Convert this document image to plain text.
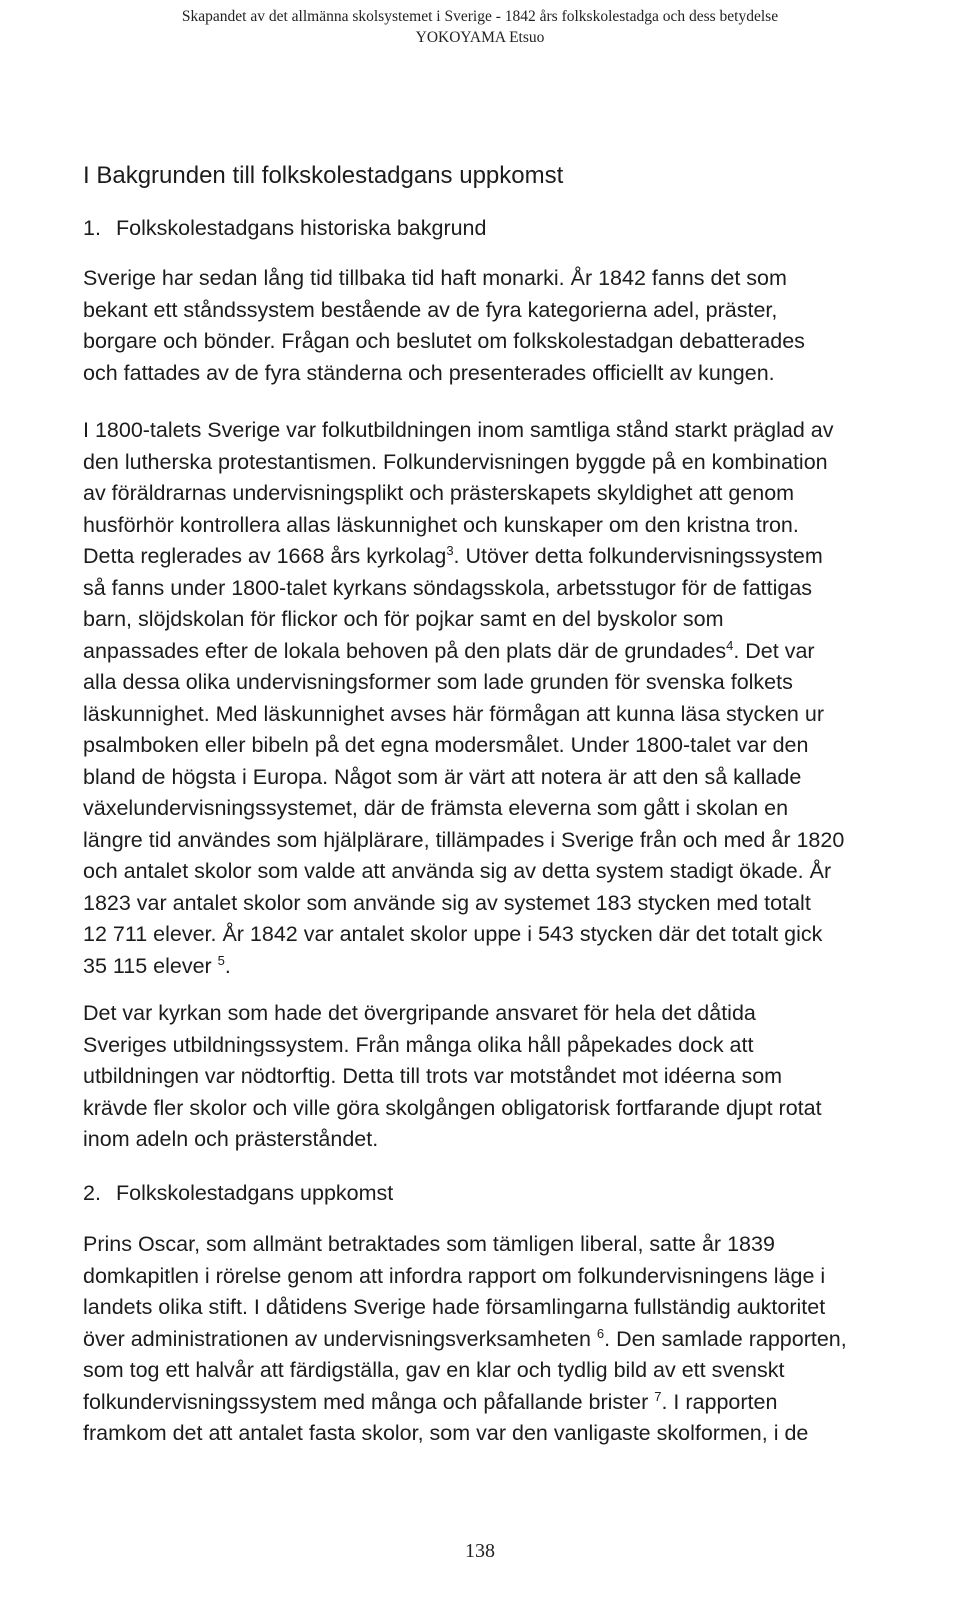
Skapandet av det allmänna skolsystemet i Sverige - 1842 års folkskolestadga och dess betydelse
YOKOYAMA Etsuo
I Bakgrunden till folkskolestadgans uppkomst
1. Folkskolestadgans historiska bakgrund
Sverige har sedan lång tid tillbaka tid haft monarki. År 1842 fanns det som
bekant ett ståndssystem bestående av de fyra kategorierna adel, präster,
borgare och bönder. Frågan och beslutet om folkskolestadgan debatterades
och fattades av de fyra ständerna och presenterades officiellt av kungen.
I 1800-talets Sverige var folkutbildningen inom samtliga stånd starkt präglad av
den lutherska protestantismen. Folkundervisningen byggde på en kombination
av föräldrarnas undervisningsplikt och prästerskapets skyldighet att genom
husförhör kontrollera allas läskunnighet och kunskaper om den kristna tron.
Detta reglerades av 1668 års kyrkolag$^3$. Utöver detta folkundervisningssystem
så fanns under 1800-talet kyrkans söndagsskola, arbetsstugor för de fattigas
barn, slöjdskolan för flickor och för pojkar samt en del byskolor som
anpassades efter de lokala behoven på den plats där de grundades$^4$. Det var
alla dessa olika undervisningsformer som lade grunden för svenska folkets
läskunnighet. Med läskunnighet avses här förmågan att kunna läsa stycken ur
psalmboken eller bibeln på det egna modersmålet. Under 1800-talet var den
bland de högsta i Europa. Något som är värt att notera är att den så kallade
växelundervisningssystemet, där de främsta eleverna som gått i skolan en
längre tid användes som hjälplärare, tillämpades i Sverige från och med år 1820
och antalet skolor som valde att använda sig av detta system stadigt ökade. År
1823 var antalet skolor som använde sig av systemet 183 stycken med totalt
12 711 elever. År 1842 var antalet skolor uppe i 543 stycken där det totalt gick
35 115 elever $^5$.
Det var kyrkan som hade det övergripande ansvaret för hela det dåtida
Sveriges utbildningssystem. Från många olika håll påpekades dock att
utbildningen var nödtorftig. Detta till trots var motståndet mot idéerna som
krävde fler skolor och ville göra skolgången obligatorisk fortfarande djupt rotat
inom adeln och prästerståndet.
2. Folkskolestadgans uppkomst
Prins Oscar, som allmänt betraktades som tämligen liberal, satte år 1839
domkapitlen i rörelse genom att infordra rapport om folkundervisningens läge i
landets olika stift. I dåtidens Sverige hade församlingarna fullständig auktoritet
över administrationen av undervisningsverksamheten $^6$. Den samlade rapporten,
som tog ett halvår att färdigställa, gav en klar och tydlig bild av ett svenskt
folkundervisningssystem med många och påfallande brister $^7$. I rapporten
framkom det att antalet fasta skolor, som var den vanligaste skolformen, i de
138
